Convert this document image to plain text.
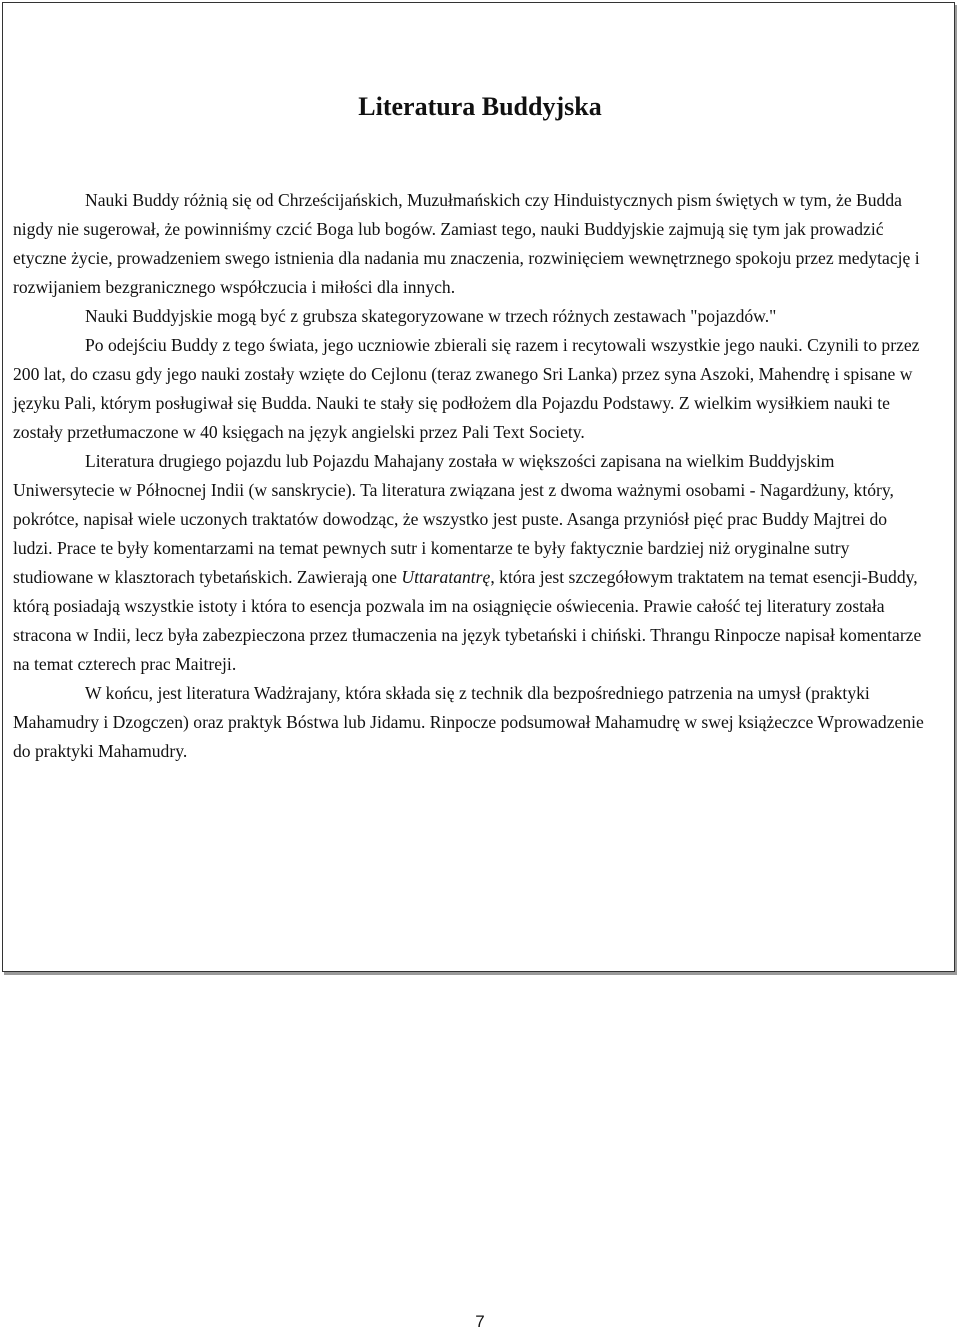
Literatura Buddyjska

Nauki Buddy różnią się od Chrześcijańskich, Muzułmańskich czy Hinduistycznych pism świętych w tym, że Budda nigdy nie sugerował, że powinniśmy czcić Boga lub bogów. Zamiast tego, nauki Buddyjskie zajmują się tym jak prowadzić etyczne życie, prowadzeniem swego istnienia dla nadania mu znaczenia, rozwinięciem wewnętrznego spokoju przez medytację i rozwijaniem bezgranicznego współczucia i miłości dla innych.

Nauki Buddyjskie mogą być z grubsza skategoryzowane w trzech różnych zestawach "pojazdów."

Po odejściu Buddy z tego świata, jego uczniowie zbierali się razem i recytowali wszystkie jego nauki. Czynili to przez 200 lat, do czasu gdy jego nauki zostały wzięte do Cejlonu (teraz zwanego Sri Lanka) przez syna Aszoki, Mahendrę i spisane w języku Pali, którym posługiwał się Budda. Nauki te stały się podłożem dla Pojazdu Podstawy. Z wielkim wysiłkiem nauki te zostały przetłumaczone w 40 księgach na język angielski przez Pali Text Society.

Literatura drugiego pojazdu lub Pojazdu Mahajany została w większości zapisana na wielkim Buddyjskim Uniwersytecie w Północnej Indii (w sanskrycie). Ta literatura związana jest z dwoma ważnymi osobami - Nagardżuny, który, pokrótce, napisał wiele uczonych traktatów dowodząc, że wszystko jest puste. Asanga przyniósł pięć prac Buddy Majtrei do ludzi. Prace te były komentarzami na temat pewnych sutr i komentarze te były faktycznie bardziej niż oryginalne sutry studiowane w klasztorach tybetańskich. Zawierają one Uttaratantrę, która jest szczegółowym traktatem na temat esencji-Buddy, którą posiadają wszystkie istoty i która to esencja pozwala im na osiągnięcie oświecenia. Prawie całość tej literatury została stracona w Indii, lecz była zabezpieczona przez tłumaczenia na język tybetański i chiński. Thrangu Rinpocze napisał komentarze na temat czterech prac Maitreji.

W końcu, jest literatura Wadżrajany, która składa się z technik dla bezpośredniego patrzenia na umysł (praktyki Mahamudry i Dzogczen) oraz praktyk Bóstwa lub Jidamu. Rinpocze podsumował Mahamudrę w swej książeczce Wprowadzenie do praktyki Mahamudry.

7
